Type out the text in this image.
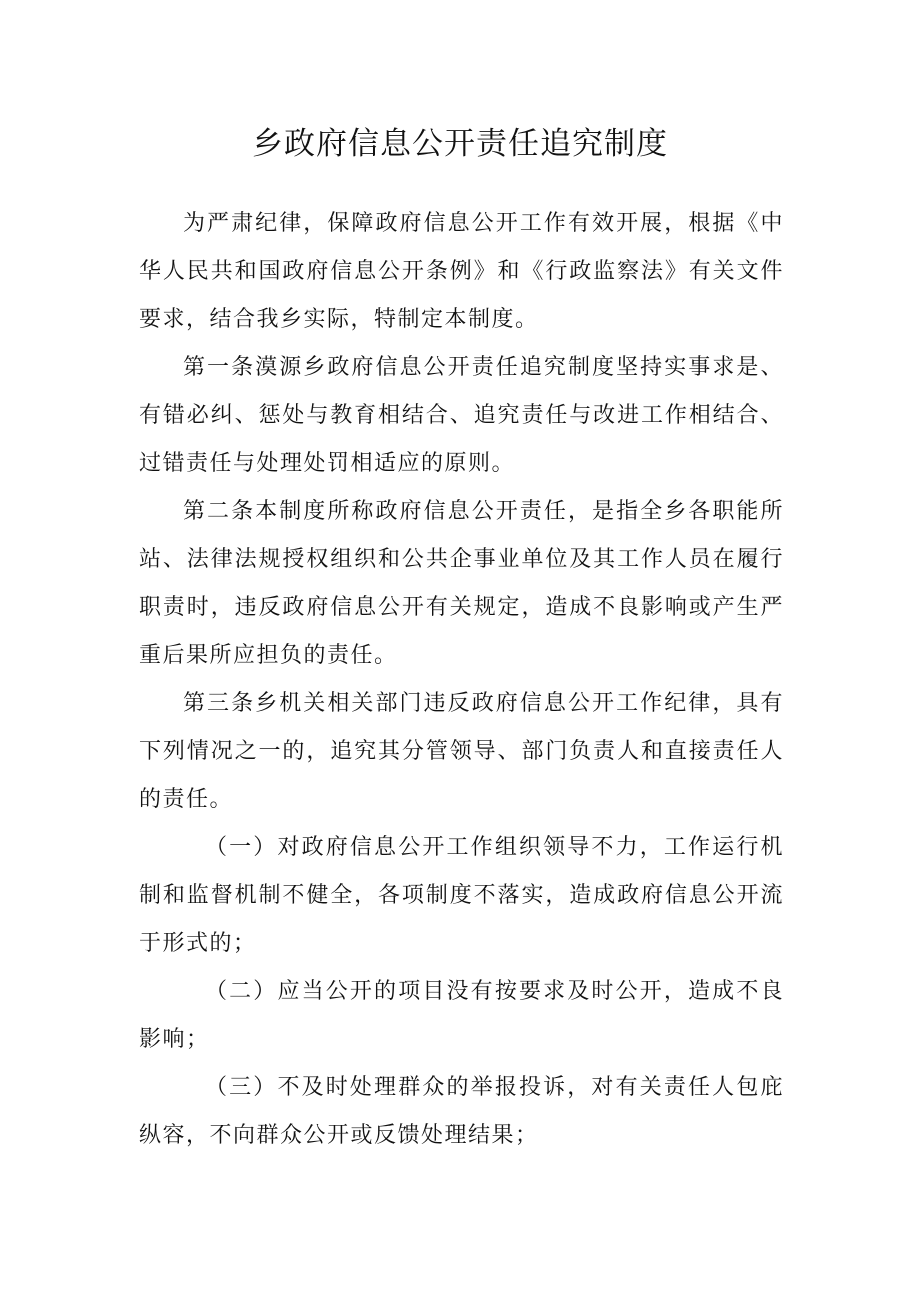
乡政府信息公开责任追究制度

为严肃纪律，保障政府信息公开工作有效开展，根据《中华人民共和国政府信息公开条例》和《行政监察法》有关文件要求，结合我乡实际，特制定本制度。

第一条漠源乡政府信息公开责任追究制度坚持实事求是、有错必纠、惩处与教育相结合、追究责任与改进工作相结合、过错责任与处理处罚相适应的原则。

第二条本制度所称政府信息公开责任，是指全乡各职能所站、法律法规授权组织和公共企事业单位及其工作人员在履行职责时，违反政府信息公开有关规定，造成不良影响或产生严重后果所应担负的责任。

第三条乡机关相关部门违反政府信息公开工作纪律，具有下列情况之一的，追究其分管领导、部门负责人和直接责任人的责任。

（一）对政府信息公开工作组织领导不力，工作运行机制和监督机制不健全，各项制度不落实，造成政府信息公开流于形式的；

（二）应当公开的项目没有按要求及时公开，造成不良影响；

（三）不及时处理群众的举报投诉，对有关责任人包庇纵容，不向群众公开或反馈处理结果；
